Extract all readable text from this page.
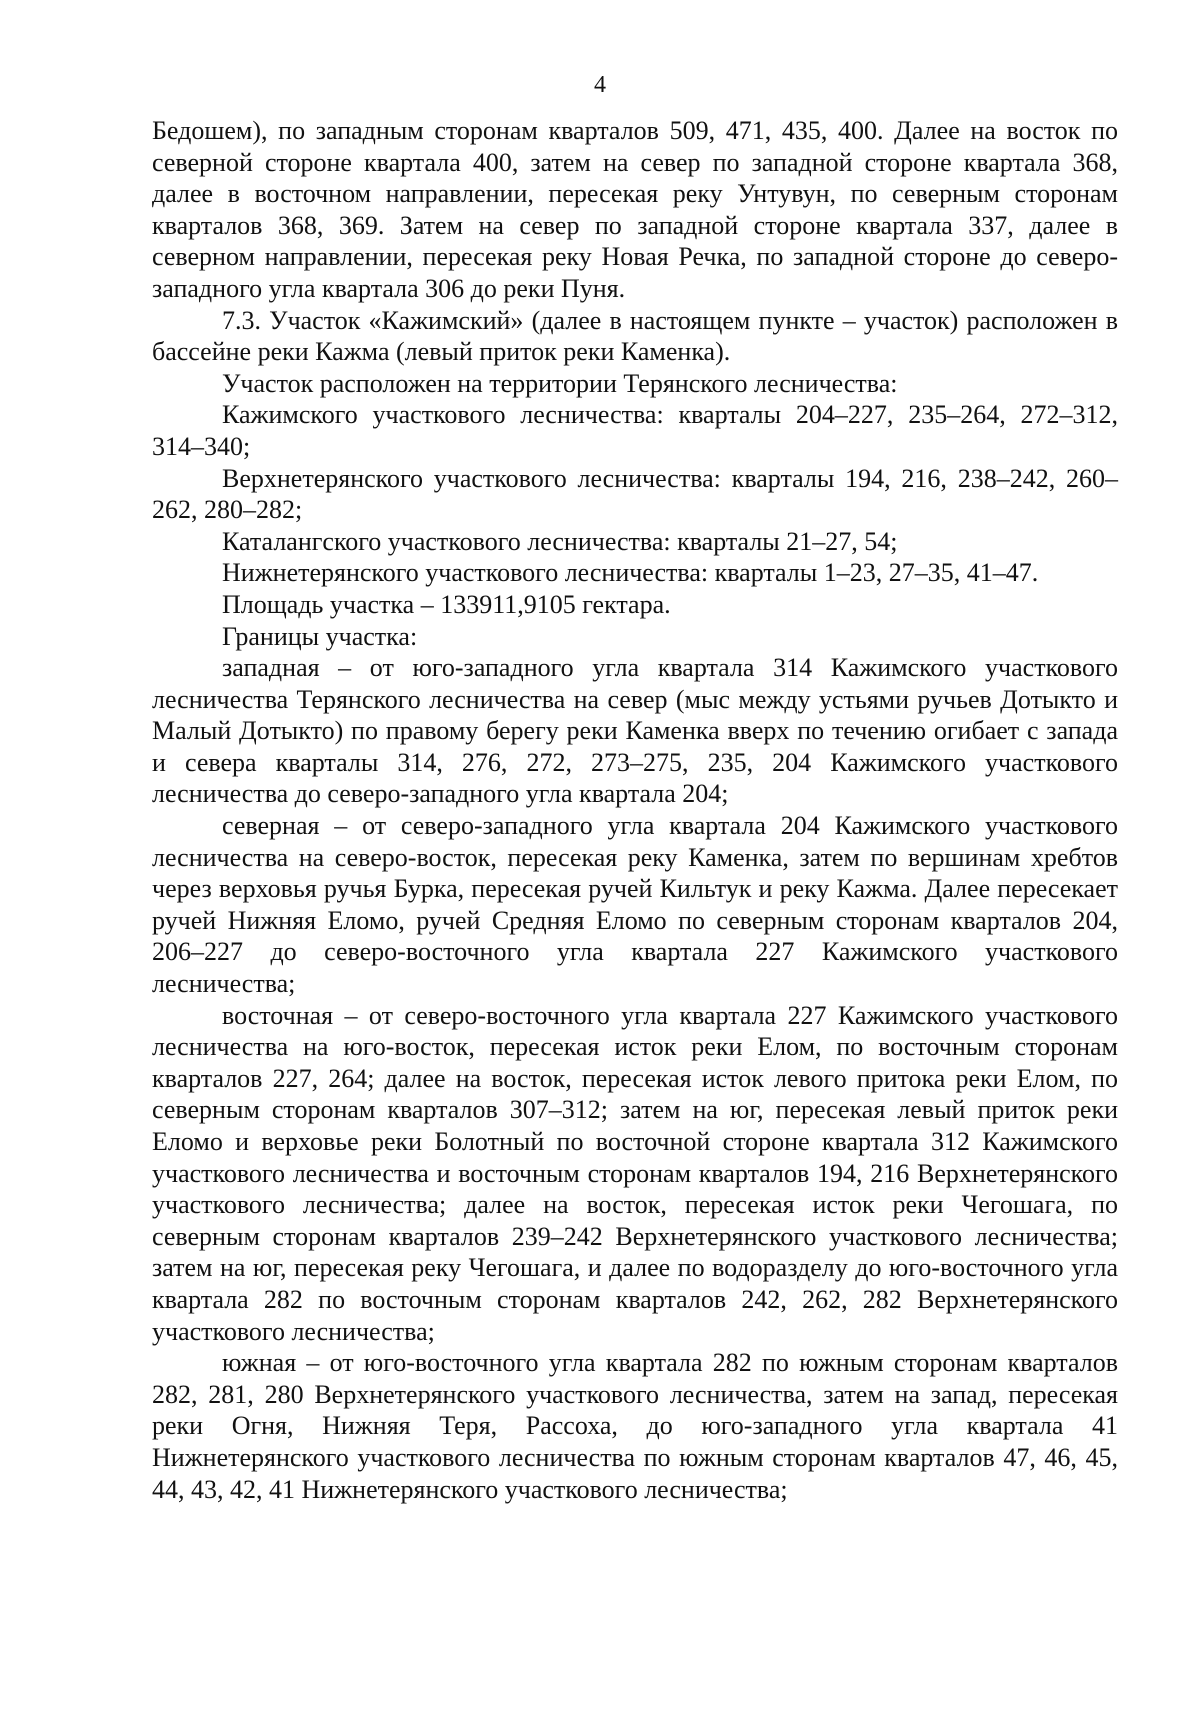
4

Бедошем), по западным сторонам кварталов 509, 471, 435, 400. Далее на восток по северной стороне квартала 400, затем на север по западной стороне квартала 368, далее в восточном направлении, пересекая реку Унтувун, по северным сторонам кварталов 368, 369. Затем на север по западной стороне квартала 337, далее в северном направлении, пересекая реку Новая Речка, по западной стороне до северо-западного угла квартала 306 до реки Пуня.

7.3. Участок «Кажимский» (далее в настоящем пункте – участок) расположен в бассейне реки Кажма (левый приток реки Каменка).

Участок расположен на территории Терянского лесничества:

Кажимского участкового лесничества: кварталы 204–227, 235–264, 272–312, 314–340;

Верхнетерянского участкового лесничества: кварталы 194, 216, 238–242, 260–262, 280–282;

Каталангского участкового лесничества: кварталы 21–27, 54;

Нижнетерянского участкового лесничества: кварталы 1–23, 27–35, 41–47.

Площадь участка – 133911,9105 гектара.

Границы участка:

западная – от юго-западного угла квартала 314 Кажимского участкового лесничества Терянского лесничества на север (мыс между устьями ручьев Дотыкто и Малый Дотыкто) по правому берегу реки Каменка вверх по течению огибает с запада и севера кварталы 314, 276, 272, 273–275, 235, 204 Кажимского участкового лесничества до северо-западного угла квартала 204;

северная – от северо-западного угла квартала 204 Кажимского участкового лесничества на северо-восток, пересекая реку Каменка, затем по вершинам хребтов через верховья ручья Бурка, пересекая ручей Кильтук и реку Кажма. Далее пересекает ручей Нижняя Еломо, ручей Средняя Еломо по северным сторонам кварталов 204, 206–227 до северо-восточного угла квартала 227 Кажимского участкового лесничества;

восточная – от северо-восточного угла квартала 227 Кажимского участкового лесничества на юго-восток, пересекая исток реки Елом, по восточным сторонам кварталов 227, 264; далее на восток, пересекая исток левого притока реки Елом, по северным сторонам кварталов 307–312; затем на юг, пересекая левый приток реки Еломо и верховье реки Болотный по восточной стороне квартала 312 Кажимского участкового лесничества и восточным сторонам кварталов 194, 216 Верхнетерянского участкового лесничества; далее на восток, пересекая исток реки Чегошага, по северным сторонам кварталов 239–242 Верхнетерянского участкового лесничества; затем на юг, пересекая реку Чегошага, и далее по водоразделу до юго-восточного угла квартала 282 по восточным сторонам кварталов 242, 262, 282 Верхнетерянского участкового лесничества;

южная – от юго-восточного угла квартала 282 по южным сторонам кварталов 282, 281, 280 Верхнетерянского участкового лесничества, затем на запад, пересекая реки Огня, Нижняя Теря, Рассоха, до юго-западного угла квартала 41 Нижнетерянского участкового лесничества по южным сторонам кварталов 47, 46, 45, 44, 43, 42, 41 Нижнетерянского участкового лесничества;
